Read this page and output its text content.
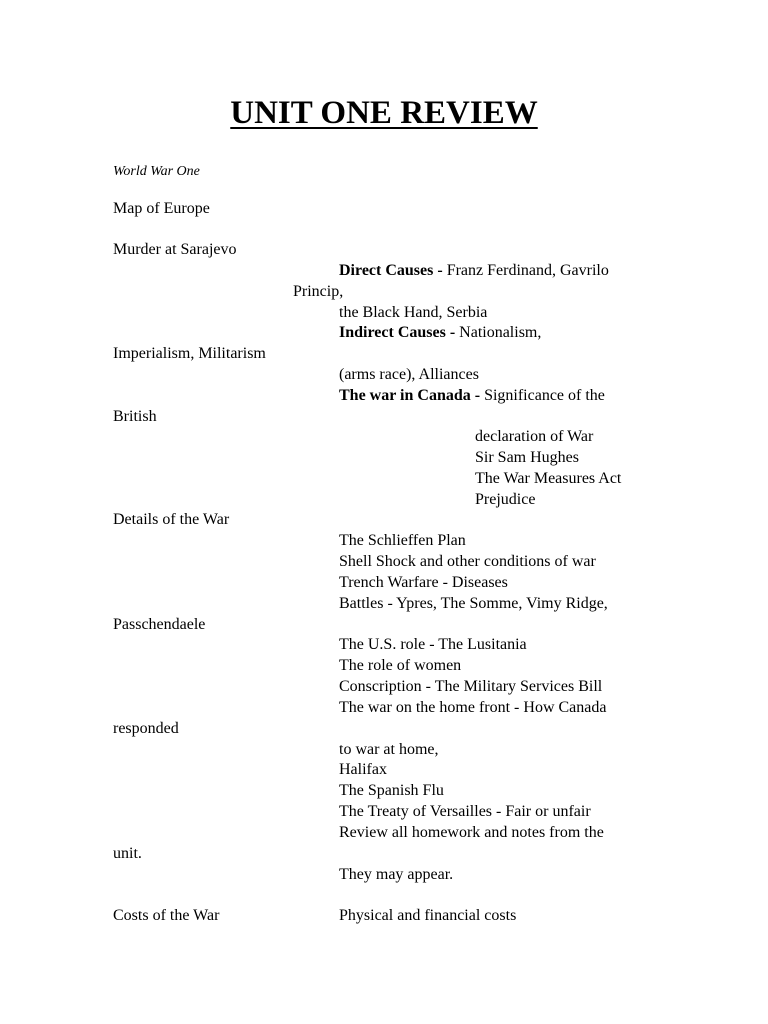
UNIT ONE REVIEW
World War One
Map of Europe
Murder at Sarajevo
Direct Causes - Franz Ferdinand, Gavrilo
Princip,
the Black Hand, Serbia
Indirect Causes - Nationalism,
Imperialism, Militarism
(arms race), Alliances
The war in Canada - Significance of the
British
declaration of War
Sir Sam Hughes
The War Measures Act
Prejudice
Details of the War
The Schlieffen Plan
Shell Shock and other conditions of war
Trench Warfare - Diseases
Battles - Ypres, The Somme, Vimy Ridge,
Passchendaele
The U.S. role - The Lusitania
The role of women
Conscription - The Military Services Bill
The war on the home front - How Canada
responded
to war at home,
Halifax
The Spanish Flu
The Treaty of Versailles - Fair or unfair
Review all homework and notes from the
unit.
They may appear.
Costs of the War	Physical and financial costs
